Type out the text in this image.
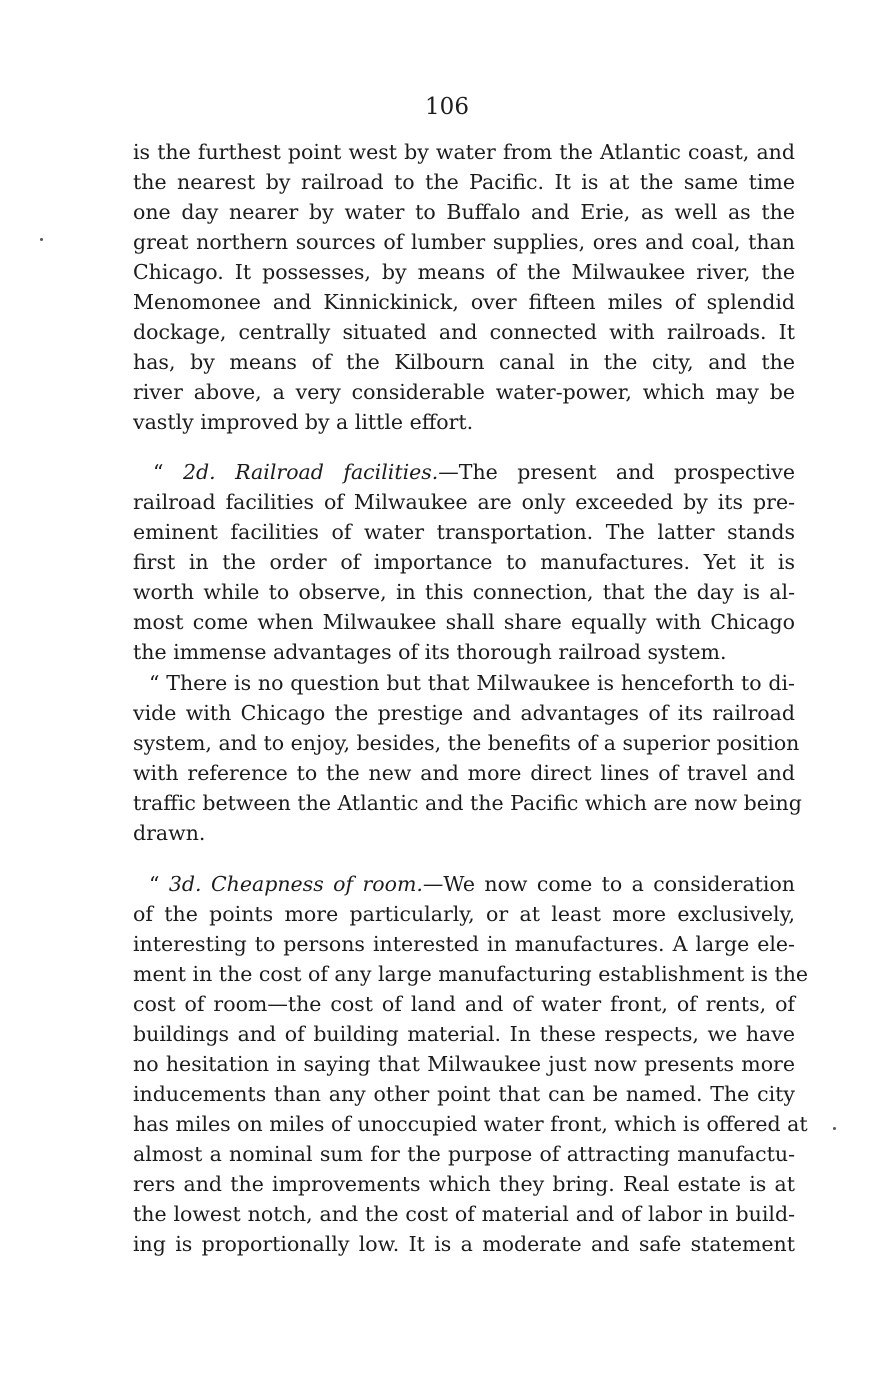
106
is the furthest point west by water from the Atlantic coast, and
the nearest by railroad to the Pacific. It is at the same time
one day nearer by water to Buffalo and Erie, as well as the
great northern sources of lumber supplies, ores and coal, than
Chicago. It possesses, by means of the Milwaukee river, the
Menomonee and Kinnickinick, over fifteen miles of splendid
dockage, centrally situated and connected with railroads. It
has, by means of the Kilbourn canal in the city, and the
river above, a very considerable water-power, which may be
vastly improved by a little effort.
“ 2d. Railroad facilities.—The present and prospective
railroad facilities of Milwaukee are only exceeded by its pre-
eminent facilities of water transportation. The latter stands
first in the order of importance to manufactures. Yet it is
worth while to observe, in this connection, that the day is al-
most come when Milwaukee shall share equally with Chicago
the immense advantages of its thorough railroad system.
“ There is no question but that Milwaukee is henceforth to di-
vide with Chicago the prestige and advantages of its railroad
system, and to enjoy, besides, the benefits of a superior position
with reference to the new and more direct lines of travel and
traffic between the Atlantic and the Pacific which are now being
drawn.
“ 3d. Cheapness of room.—We now come to a consideration
of the points more particularly, or at least more exclusively,
interesting to persons interested in manufactures. A large ele-
ment in the cost of any large manufacturing establishment is the
cost of room—the cost of land and of water front, of rents, of
buildings and of building material. In these respects, we have
no hesitation in saying that Milwaukee just now presents more
inducements than any other point that can be named. The city
has miles on miles of unoccupied water front, which is offered at
almost a nominal sum for the purpose of attracting manufactu-
rers and the improvements which they bring. Real estate is at
the lowest notch, and the cost of material and of labor in build-
ing is proportionally low. It is a moderate and safe statement
